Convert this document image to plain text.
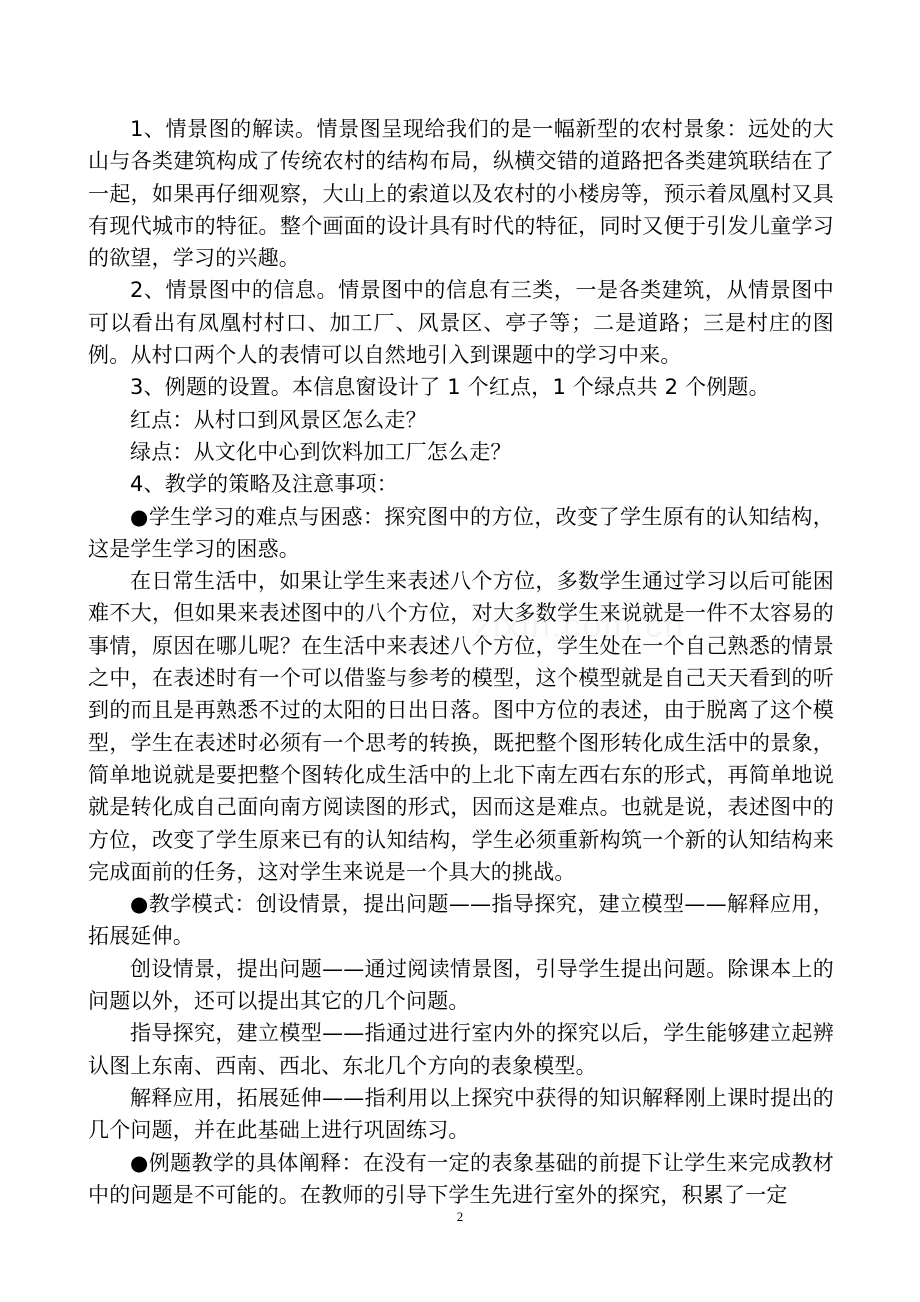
1、情景图的解读。情景图呈现给我们的是一幅新型的农村景象：远处的大山与各类建筑构成了传统农村的结构布局，纵横交错的道路把各类建筑联结在了一起，如果再仔细观察，大山上的索道以及农村的小楼房等，预示着凤凰村又具有现代城市的特征。整个画面的设计具有时代的特征，同时又便于引发儿童学习的欲望，学习的兴趣。

2、情景图中的信息。情景图中的信息有三类，一是各类建筑，从情景图中可以看出有凤凰村村口、加工厂、风景区、亭子等；二是道路；三是村庄的图例。从村口两个人的表情可以自然地引入到课题中的学习中来。

3、例题的设置。本信息窗设计了 1 个红点，1 个绿点共 2 个例题。

红点：从村口到风景区怎么走？

绿点：从文化中心到饮料加工厂怎么走？

4、教学的策略及注意事项：

●学生学习的难点与困惑：探究图中的方位，改变了学生原有的认知结构，这是学生学习的困惑。

在日常生活中，如果让学生来表述八个方位，多数学生通过学习以后可能困难不大，但如果来表述图中的八个方位，对大多数学生来说就是一件不太容易的事情，原因在哪儿呢？在生活中来表述八个方位，学生处在一个自己熟悉的情景之中，在表述时有一个可以借鉴与参考的模型，这个模型就是自己天天看到的听到的而且是再熟悉不过的太阳的日出日落。图中方位的表述，由于脱离了这个模型，学生在表述时必须有一个思考的转换，既把整个图形转化成生活中的景象，简单地说就是要把整个图转化成生活中的上北下南左西右东的形式，再简单地说就是转化成自己面向南方阅读图的形式，因而这是难点。也就是说，表述图中的方位，改变了学生原来已有的认知结构，学生必须重新构筑一个新的认知结构来完成面前的任务，这对学生来说是一个具大的挑战。

●教学模式：创设情景，提出问题——指导探究，建立模型——解释应用，拓展延伸。

创设情景，提出问题——通过阅读情景图，引导学生提出问题。除课本上的问题以外，还可以提出其它的几个问题。

指导探究，建立模型——指通过进行室内外的探究以后，学生能够建立起辨认图上东南、西南、西北、东北几个方向的表象模型。

解释应用，拓展延伸——指利用以上探究中获得的知识解释刚上课时提出的几个问题，并在此基础上进行巩固练习。

●例题教学的具体阐释：在没有一定的表象基础的前提下让学生来完成教材中的问题是不可能的。在教师的引导下学生先进行室外的探究，积累了一定

2
